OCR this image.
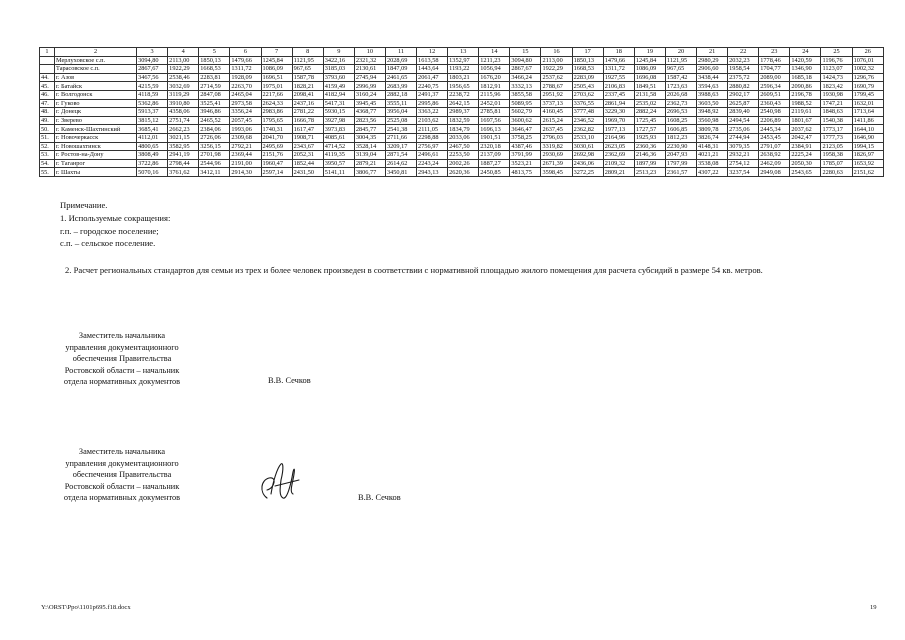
1	2	3	4	5	6	7	8	9	10	11	12	13	14	15	16	17	18	19	20	21	22	23	24	25	26
	Мерлуховское с.п.	3094,80	2113,00	1850,13	1479,66	1245,84	1121,95	3422,16	2321,32	2028,69	1613,58	1352,97	1211,23	3094,80	2113,00	1850,13	1479,66	1245,84	1121,95	2980,29	2032,23	1778,46	1420,59	1196,76	1076,01
	Тарасовское с.п.	2867,67	1922,29	1668,53	1311,72	1086,09	967,65	3185,03	2130,61	1847,09	1443,64	1193,22	1056,94	2867,67	1922,29	1668,53	1311,72	1086,09	967,65	2906,60	1958,54	1704,77	1346,90	1123,07	1002,32
44.	г. Азов	3467,56	2538,46	2283,81	1928,09	1696,51	1587,78	3793,60	2745,94	2461,65	2061,47	1803,21	1676,20	3466,24	2537,62	2283,09	1927,55	1696,08	1587,42	3438,44	2375,72	2089,00	1685,18	1424,73	1296,76
45.	г. Батайск	4215,59	3032,69	2714,59	2263,70	1975,01	1828,21	4159,49	2996,99	2683,99	2240,75	1956,65	1812,91	3332,13	2788,67	2505,43	2106,83	1849,51	1723,63	3594,63	2880,82	2596,34	2090,86	1823,42	1690,79
46.	г. Волгодонск	4118,59	3119,29	2847,08	2465,04	2217,66	2098,41	4182,94	3160,24	2882,18	2491,37	2238,72	2115,96	3855,58	2951,92	2703,62	2337,45	2131,58	2026,68	3988,63	2902,17	2609,51	2196,78	1930,98	1799,45
47.	г. Гуково	5362,86	3910,80	3525,41	2973,58	2624,33	2437,16	5417,31	3945,45	3555,11	2995,86	2642,15	2452,01	5089,95	3737,13	3376,55	2861,94	2535,02	2362,73	3603,50	2625,87	2360,43	1988,52	1747,21	1632,01
48.	г. Донецк	5913,37	4358,06	3946,86	3356,24	2983,86	2781,22	5930,15	4368,77	3956,04	3363,22	2989,37	2785,81	5602,79	4160,45	3777,48	3229,30	2882,24	2696,53	3948,92	2839,40	2540,98	2119,61	1848,63	1713,64
49.	г. Зверево	3815,12	2751,74	2465,52	2057,45	1795,65	1666,78	3927,98	2823,56	2525,08	2103,62	1832,59	1697,56	3600,62	2615,24	2346,52	1969,70	1725,45	1608,25	3560,98	2494,54	2206,89	1801,67	1540,38	1411,86
50.	г. Каменск-Шахтинский	3685,41	2662,23	2384,06	1993,06	1740,31	1617,47	3973,83	2845,77	2541,38	2111,05	1834,79	1696,13	3646,47	2637,45	2362,82	1977,13	1727,57	1606,85	3809,78	2735,06	2445,34	2037,62	1773,17	1644,10
51.	г. Новочеркасск	4112,01	3021,15	2726,06	2309,68	2041,70	1908,71	4085,61	3004,35	2711,66	2298,88	2033,06	1901,51	3758,25	2796,03	2533,10	2164,96	1925,93	1812,23	3826,74	2744,94	2453,45	2042,47	1777,73	1646,90
52.	г. Новошахтинск	4800,65	3582,95	3256,15	2792,21	2495,69	2343,67	4714,52	3528,14	3209,17	2756,97	2467,50	2320,18	4387,46	3319,82	3030,61	2623,05	2360,36	2230,90	4148,31	3079,35	2791,07	2384,91	2123,05	1994,15
53.	г. Ростов-на-Дону	3808,49	2941,19	2701,98	2369,44	2151,76	2052,31	4119,35	3139,04	2871,54	2496,61	2253,50	2137,09	3791,99	2930,69	2692,98	2362,69	2146,36	2047,93	4021,21	2932,21	2638,92	2225,24	1958,38	1826,97
54.	г. Таганрог	3722,86	2798,44	2544,96	2191,00	1960,47	1852,44	3950,57	2879,21	2614,62	2243,24	2002,26	1887,27	3523,21	2671,39	2436,06	2109,32	1897,99	1797,99	3538,08	2754,12	2462,09	2050,30	1785,07	1653,92
55.	г. Шахты	5070,16	3761,62	3412,11	2914,30	2597,14	2431,50	5141,11	3806,77	3450,81	2943,13	2620,36	2450,85	4813,75	3598,45	3272,25	2809,21	2513,23	2361,57	4307,22	3237,54	2949,08	2543,65	2280,63	2151,62
Примечание.
1. Используемые сокращения:
г.п. – городское поселение;
с.п. – сельское поселение.
2. Расчет региональных стандартов для семьи из трех и более человек произведен в соответствии с нормативной площадью жилого помещения для расчета субсидий в размере 54 кв. метров.
Заместитель начальника
управления документационного
обеспечения Правительства
Ростовской области – начальник
отдела нормативных документов	В.В. Сечков
Заместитель начальника
управления документационного
обеспечения Правительства
Ростовской области – начальник
отдела нормативных документов	В.В. Сечков
Y:\ORST\Ppo\1101p695.f18.docx	19
